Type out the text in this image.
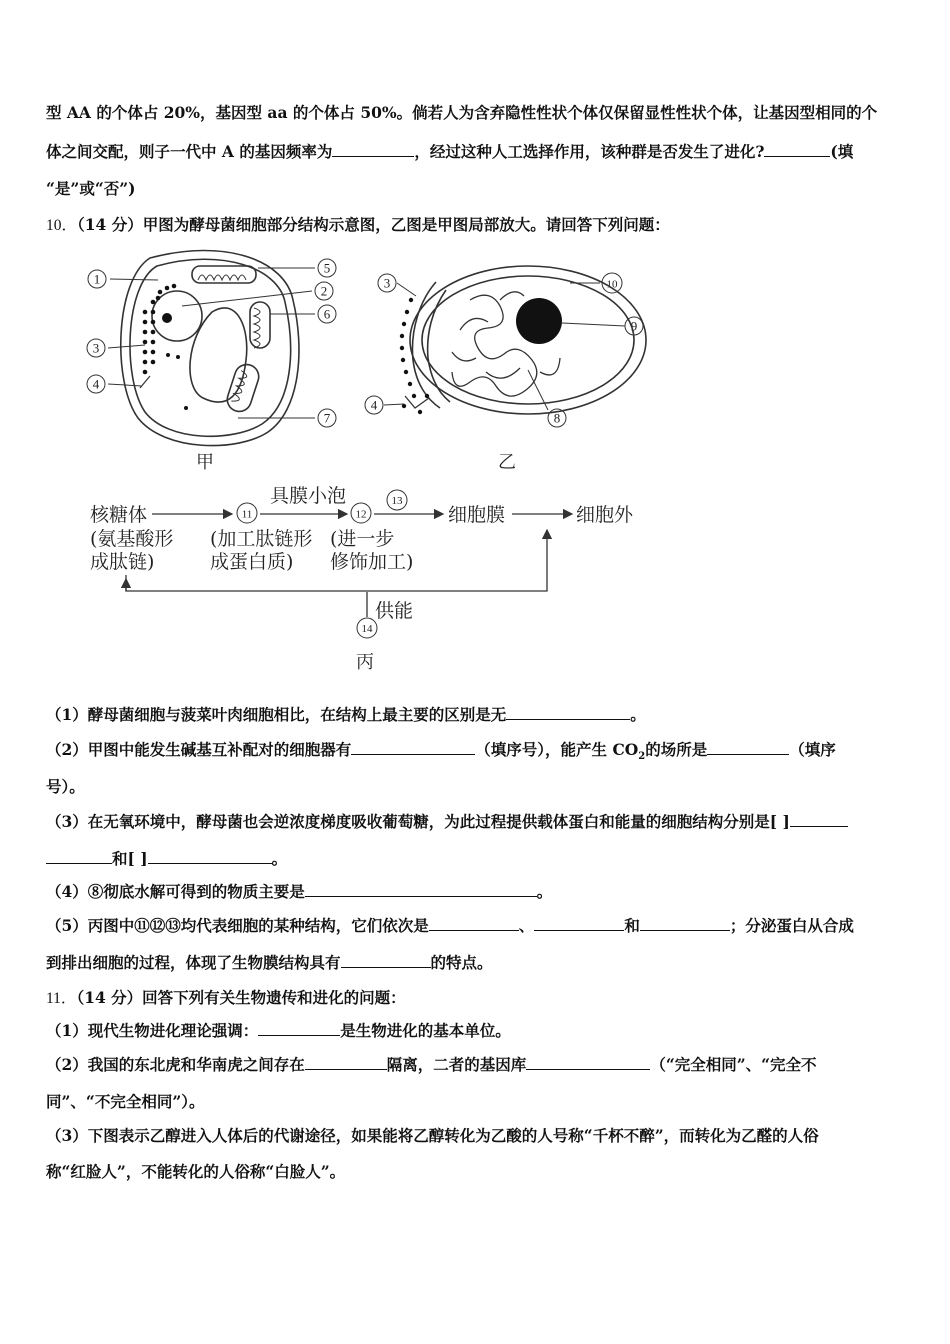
型 AA 的个体占 20%，基因型 aa 的个体占 50%。倘若人为含弃隐性性状个体仅保留显性性状个体，让基因型相同的个
体之间交配，则子一代中 A 的基因频率为	，经过这种人工选择作用，该种群是否发生了进化?	(填
“是”或“否”)
10．（14 分）甲图为酵母菌细胞部分结构示意图，乙图是甲图局部放大。请回答下列问题：
1
5
2
6
3
4
7
3	10
9
4
8
11	12
13
14
甲	乙
核糖体
(氨基酸形
成肽链)
(加工肽链形
成蛋白质)
具膜小泡
(进一步
修饰加工)
细胞膜	细胞外
供能
丙
（1）酵母菌细胞与菠菜叶肉细胞相比，在结构上最主要的区别是无	。
（2）甲图中能发生碱基互补配对的细胞器有	（填序号），能产生 $CO_2$的场所是	（填序
号）。
（3）在无氧环境中，酵母菌也会逆浓度梯度吸收葡萄糖，为此过程提供载体蛋白和能量的细胞结构分别是[ ]
和[ ]	。
（4）⑧彻底水解可得到的物质主要是	。
（5）丙图中⑪⑫⑬均代表细胞的某种结构，它们依次是	、	和	；分泌蛋白从合成
到排出细胞的过程，体现了生物膜结构具有	的特点。
11．（14 分）回答下列有关生物遗传和进化的问题：
（1）现代生物进化理论强调：	是生物进化的基本单位。
（2）我国的东北虎和华南虎之间存在	隔离，二者的基因库	（“完全相同”、“完全不
同”、“不完全相同”）。
（3）下图表示乙醇进入人体后的代谢途径，如果能将乙醇转化为乙酸的人号称“千杯不醉”，而转化为乙醛的人俗
称“红脸人”，不能转化的人俗称“白脸人”。
